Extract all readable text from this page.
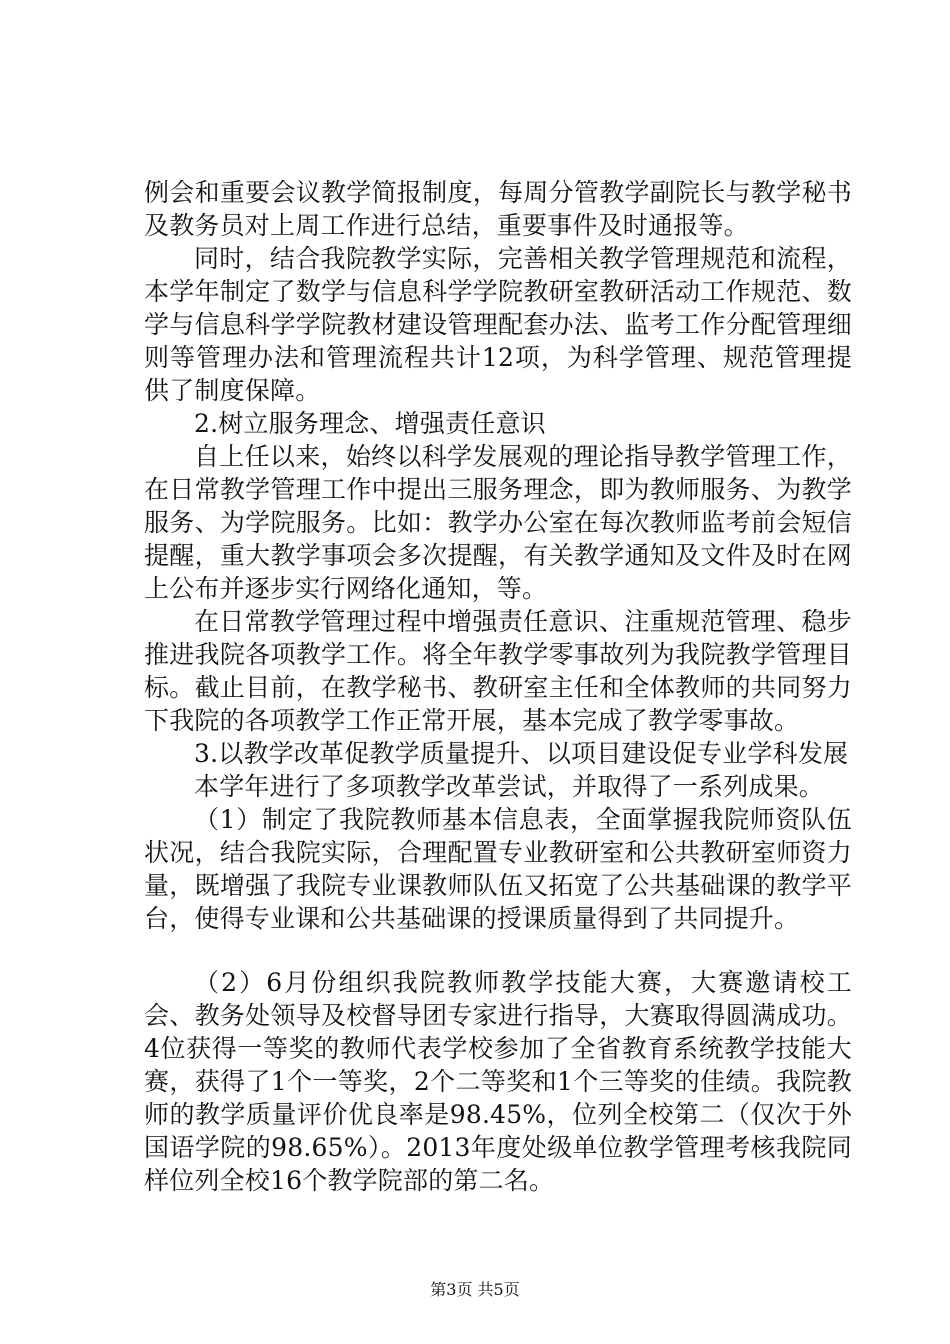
例会和重要会议教学简报制度，每周分管教学副院长与教学秘书及教务员对上周工作进行总结，重要事件及时通报等。

同时，结合我院教学实际，完善相关教学管理规范和流程，本学年制定了数学与信息科学学院教研室教研活动工作规范、数学与信息科学学院教材建设管理配套办法、监考工作分配管理细则等管理办法和管理流程共计12项，为科学管理、规范管理提供了制度保障。

2.树立服务理念、增强责任意识

自上任以来，始终以科学发展观的理论指导教学管理工作，在日常教学管理工作中提出三服务理念，即为教师服务、为教学服务、为学院服务。比如：教学办公室在每次教师监考前会短信提醒，重大教学事项会多次提醒，有关教学通知及文件及时在网上公布并逐步实行网络化通知，等。

在日常教学管理过程中增强责任意识、注重规范管理、稳步推进我院各项教学工作。将全年教学零事故列为我院教学管理目标。截止目前，在教学秘书、教研室主任和全体教师的共同努力下我院的各项教学工作正常开展，基本完成了教学零事故。

3.以教学改革促教学质量提升、以项目建设促专业学科发展

本学年进行了多项教学改革尝试，并取得了一系列成果。

（1）制定了我院教师基本信息表，全面掌握我院师资队伍状况，结合我院实际，合理配置专业教研室和公共教研室师资力量，既增强了我院专业课教师队伍又拓宽了公共基础课的教学平台，使得专业课和公共基础课的授课质量得到了共同提升。

（2）6月份组织我院教师教学技能大赛，大赛邀请校工会、教务处领导及校督导团专家进行指导，大赛取得圆满成功。4位获得一等奖的教师代表学校参加了全省教育系统教学技能大赛，获得了1个一等奖，2个二等奖和1个三等奖的佳绩。我院教师的教学质量评价优良率是98.45%，位列全校第二（仅次于外国语学院的98.65%）。2013年度处级单位教学管理考核我院同样位列全校16个教学院部的第二名。

第3页 共5页
